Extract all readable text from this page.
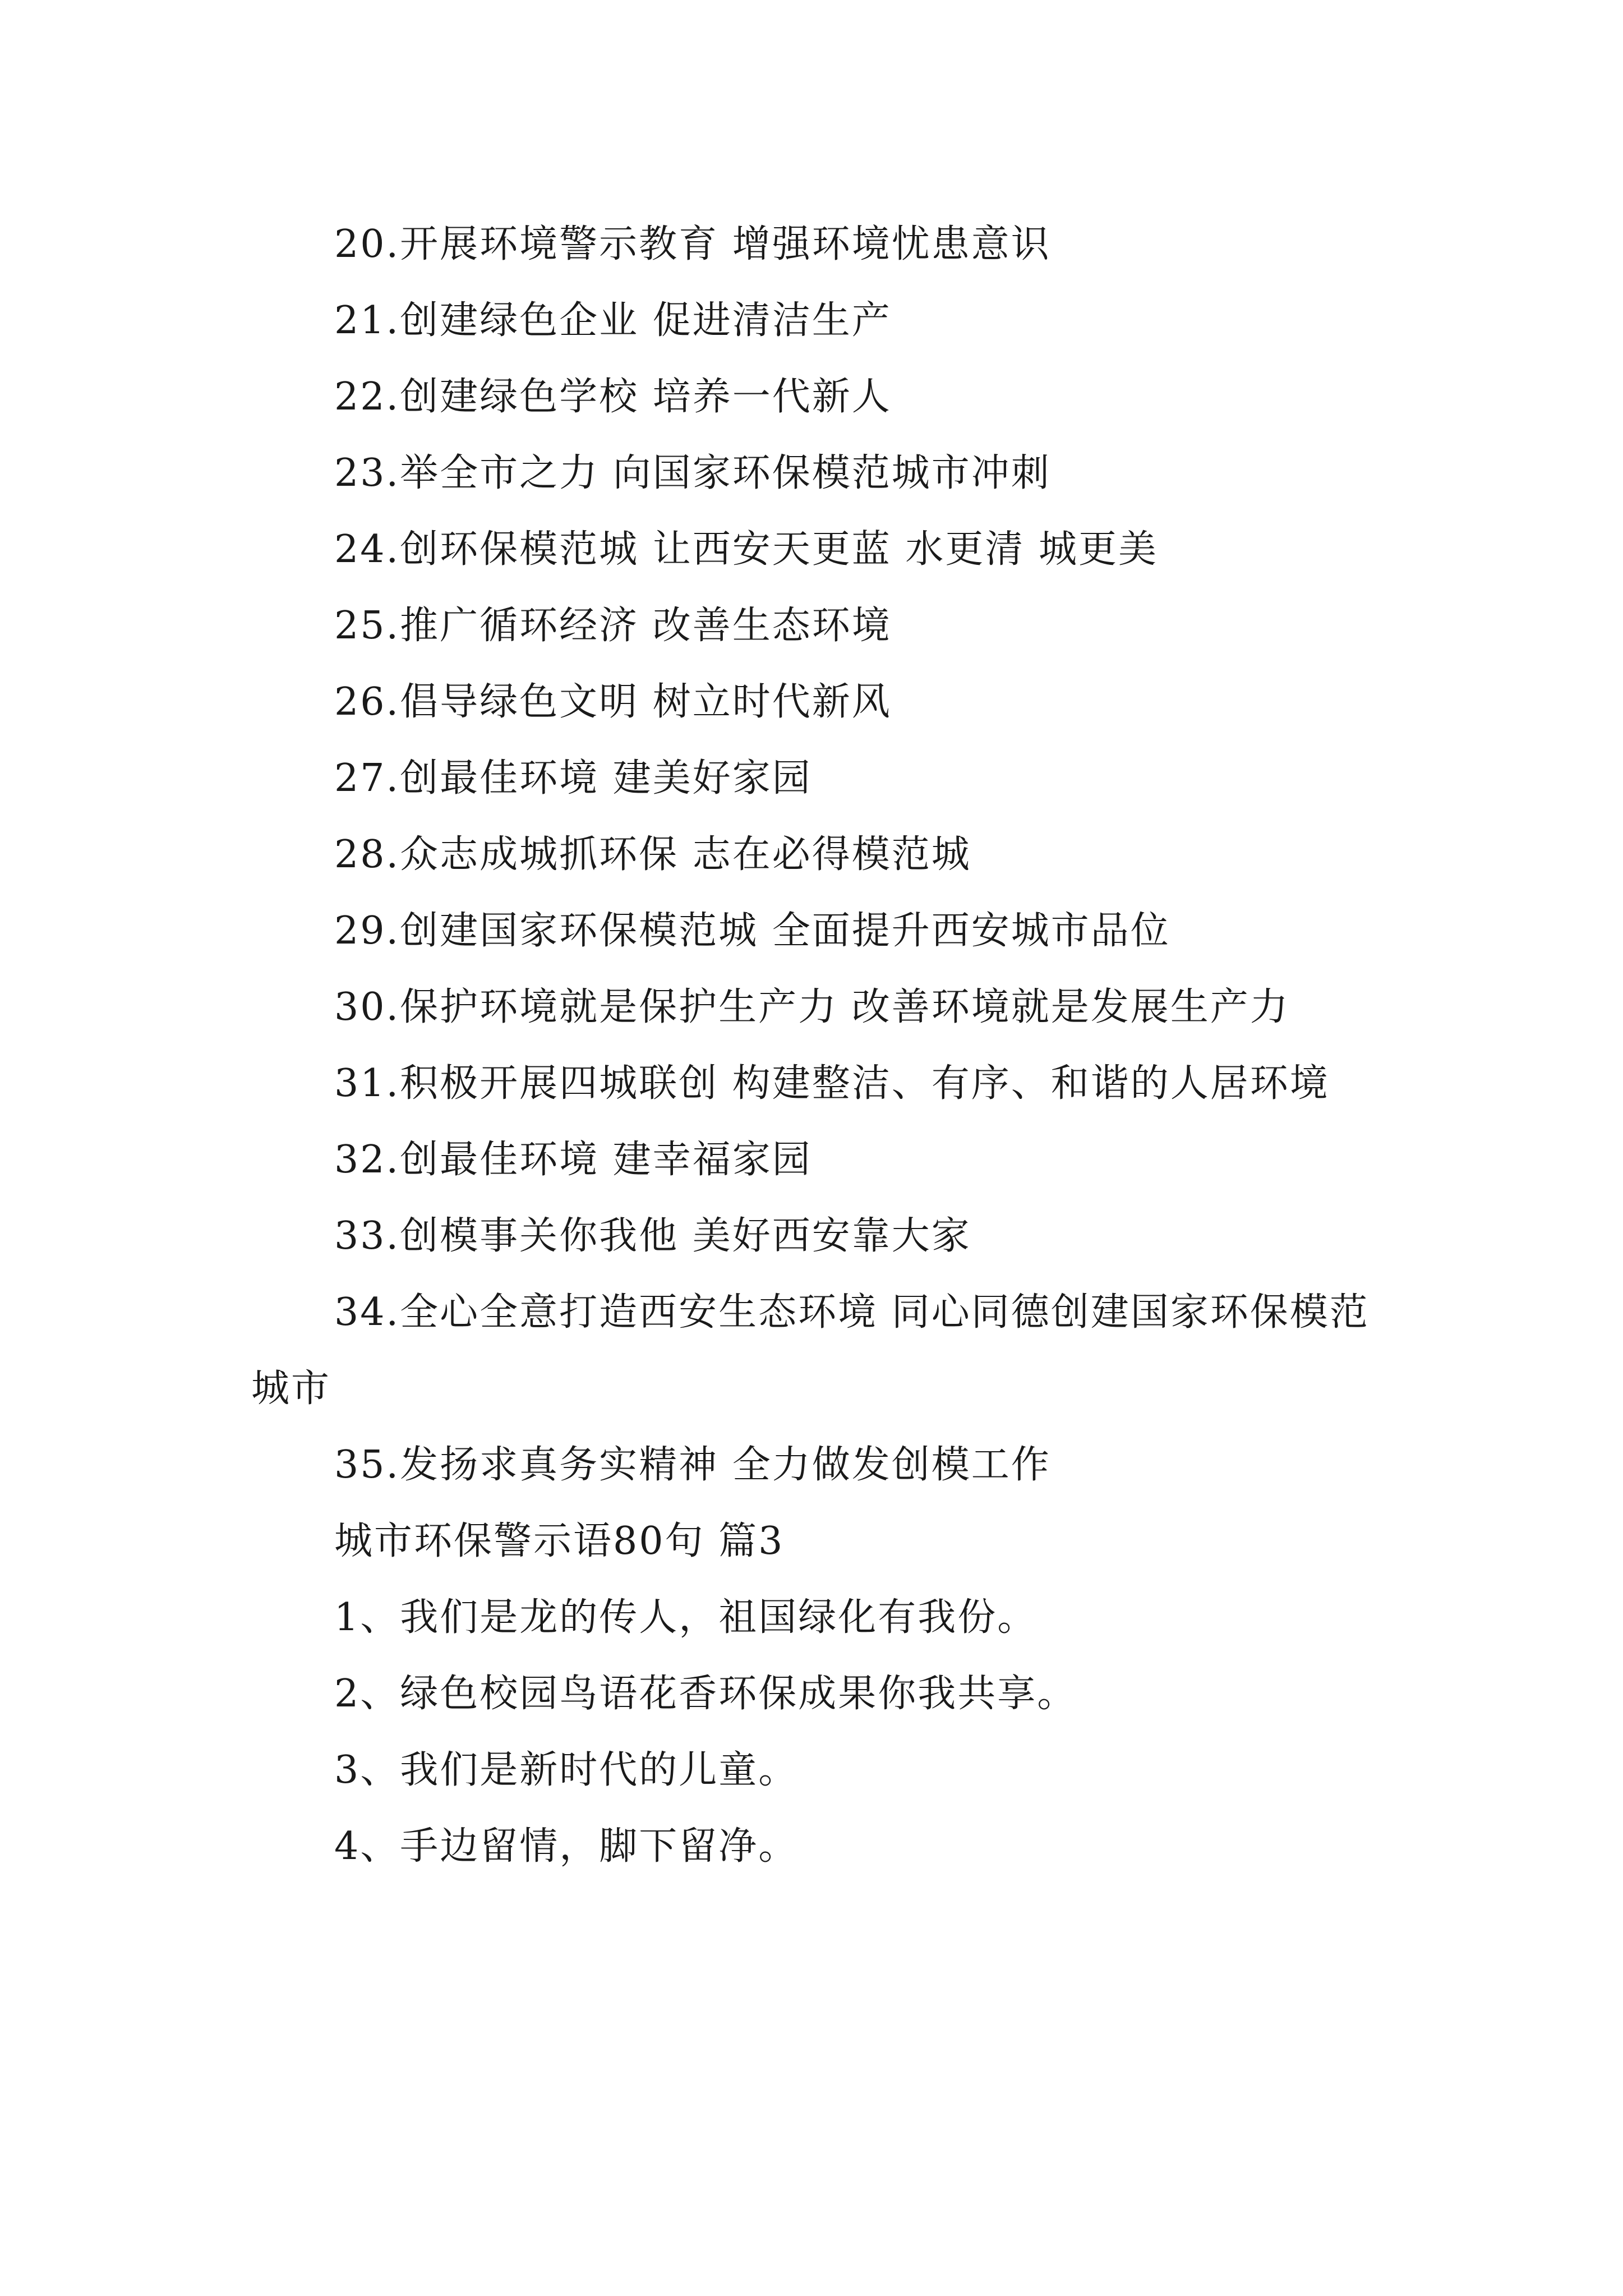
20.开展环境警示教育 增强环境忧患意识

21.创建绿色企业 促进清洁生产

22.创建绿色学校 培养一代新人

23.举全市之力 向国家环保模范城市冲刺

24.创环保模范城 让西安天更蓝 水更清 城更美

25.推广循环经济 改善生态环境

26.倡导绿色文明 树立时代新风

27.创最佳环境 建美好家园

28.众志成城抓环保 志在必得模范城

29.创建国家环保模范城 全面提升西安城市品位

30.保护环境就是保护生产力 改善环境就是发展生产力

31.积极开展四城联创 构建整洁、有序、和谐的人居环境

32.创最佳环境 建幸福家园

33.创模事关你我他 美好西安靠大家

34.全心全意打造西安生态环境 同心同德创建国家环保模范城市

35.发扬求真务实精神 全力做发创模工作

城市环保警示语80句 篇3

1、我们是龙的传人，祖国绿化有我份。

2、绿色校园鸟语花香环保成果你我共享。

3、我们是新时代的儿童。

4、手边留情，脚下留净。
